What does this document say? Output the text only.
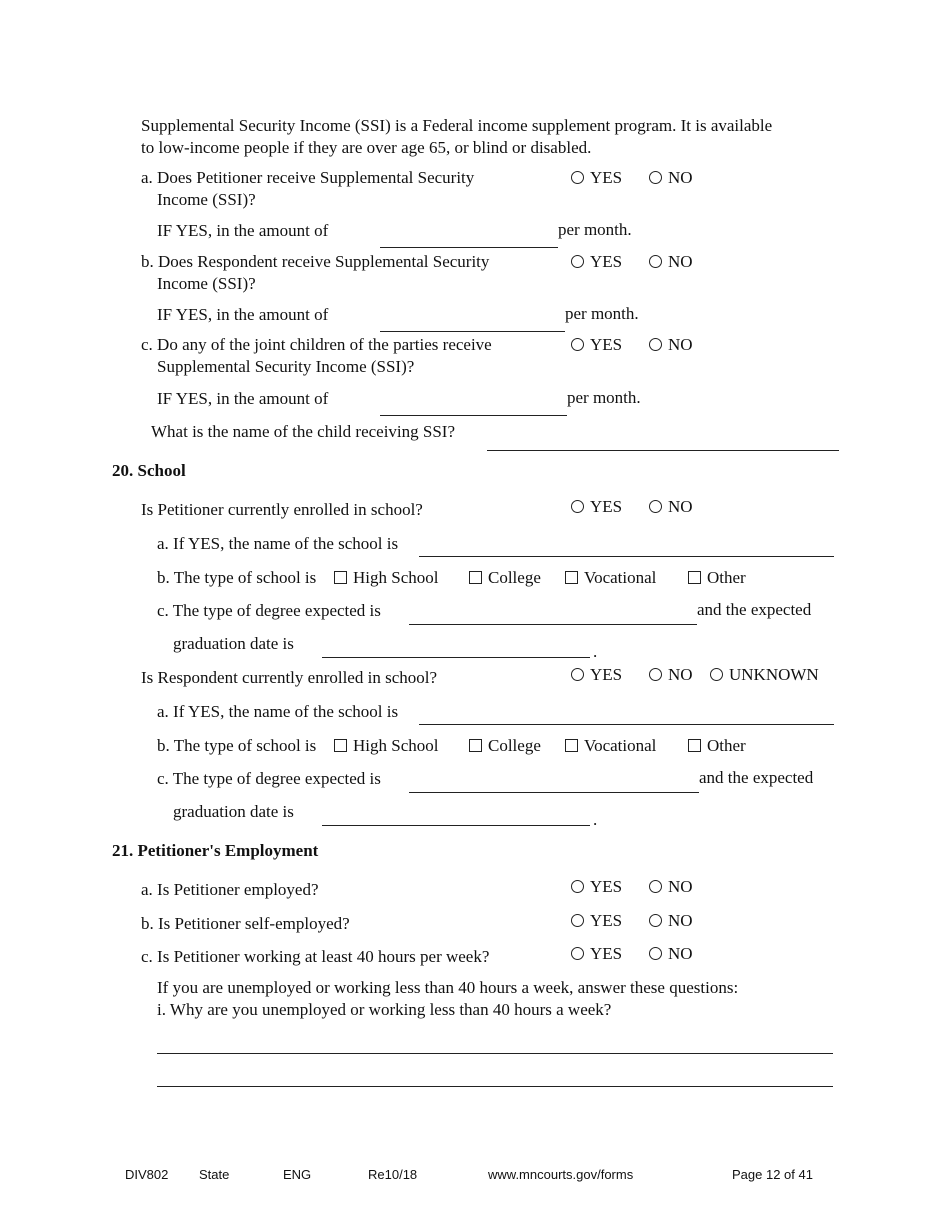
Supplemental Security Income (SSI) is a Federal income supplement program. It is available
to low-income people if they are over age 65, or blind or disabled.
a. Does Petitioner receive Supplemental Security
Income (SSI)?
YES	NO
IF YES, in the amount of	per month.
b. Does Respondent receive Supplemental Security
Income (SSI)?
YES	NO
IF YES, in the amount of	per month.
c. Do any of the joint children of the parties receive
Supplemental Security Income (SSI)?
YES	NO
IF YES, in the amount of	per month.
What is the name of the child receiving SSI?
20. School
Is Petitioner currently enrolled in school?	YES	NO
a. If YES, the name of the school is
b. The type of school is	High School	College	Vocational	Other
c. The type of degree expected is	and the expected
graduation date is	.
Is Respondent currently enrolled in school?	YES	NO	UNKNOWN
a. If YES, the name of the school is
b. The type of school is	High School	College	Vocational	Other
c. The type of degree expected is	and the expected
graduation date is	.
21. Petitioner's Employment
a. Is Petitioner employed?	YES	NO
b. Is Petitioner self-employed?	YES	NO
c. Is Petitioner working at least 40 hours per week?	YES	NO
If you are unemployed or working less than 40 hours a week, answer these questions:
i. Why are you unemployed or working less than 40 hours a week?
DIV802 State	ENG	Re10/18	www.mncourts.gov/forms	Page 12 of 41
